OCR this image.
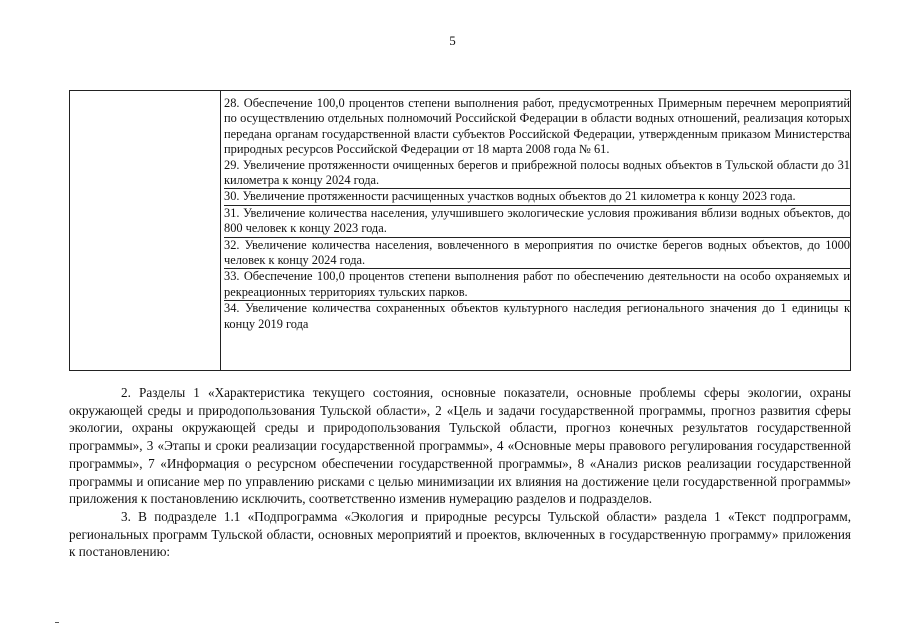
5
28. Обеспечение 100,0 процентов степени выполнения работ, предусмотренных Примерным перечнем мероприятий по осуществлению отдельных полномочий Российской Федерации в области водных отношений, реализация которых передана органам государственной власти субъектов Российской Федерации, утвержденным приказом Министерства природных ресурсов Российской Федерации от 18 марта 2008 года № 61.
29. Увеличение протяженности очищенных берегов и прибрежной полосы водных объектов в Тульской области до 31 километра к концу 2024 года.
30. Увеличение протяженности расчищенных участков водных объектов до 21 километра к концу 2023 года.
31. Увеличение количества населения, улучшившего экологические условия проживания вблизи водных объектов, до 800 человек к концу 2023 года.
32. Увеличение количества населения, вовлеченного в мероприятия по очистке берегов водных объектов, до 1000 человек к концу 2024 года.
33. Обеспечение 100,0 процентов степени выполнения работ по обеспечению деятельности на особо охраняемых и рекреационных территориях тульских парков.
34. Увеличение количества сохраненных объектов культурного наследия регионального значения до 1 единицы к концу 2019 года

2. Разделы 1 «Характеристика текущего состояния, основные показатели, основные проблемы сферы экологии, охраны окружающей среды и природопользования Тульской области», 2 «Цель и задачи государственной программы, прогноз развития сферы экологии, охраны окружающей среды и природопользования Тульской области, прогноз конечных результатов государственной программы», 3 «Этапы и сроки реализации государственной программы», 4 «Основные меры правового регулирования государственной программы», 7 «Информация о ресурсном обеспечении государственной программы», 8 «Анализ рисков реализации государственной программы и описание мер по управлению рисками с целью минимизации их влияния на достижение цели государственной программы» приложения к постановлению исключить, соответственно изменив нумерацию разделов и подразделов.

3. В подразделе 1.1 «Подпрограмма «Экология и природные ресурсы Тульской области» раздела 1 «Текст подпрограмм, региональных программ Тульской области, основных мероприятий и проектов, включенных в государственную программу» приложения к постановлению:
